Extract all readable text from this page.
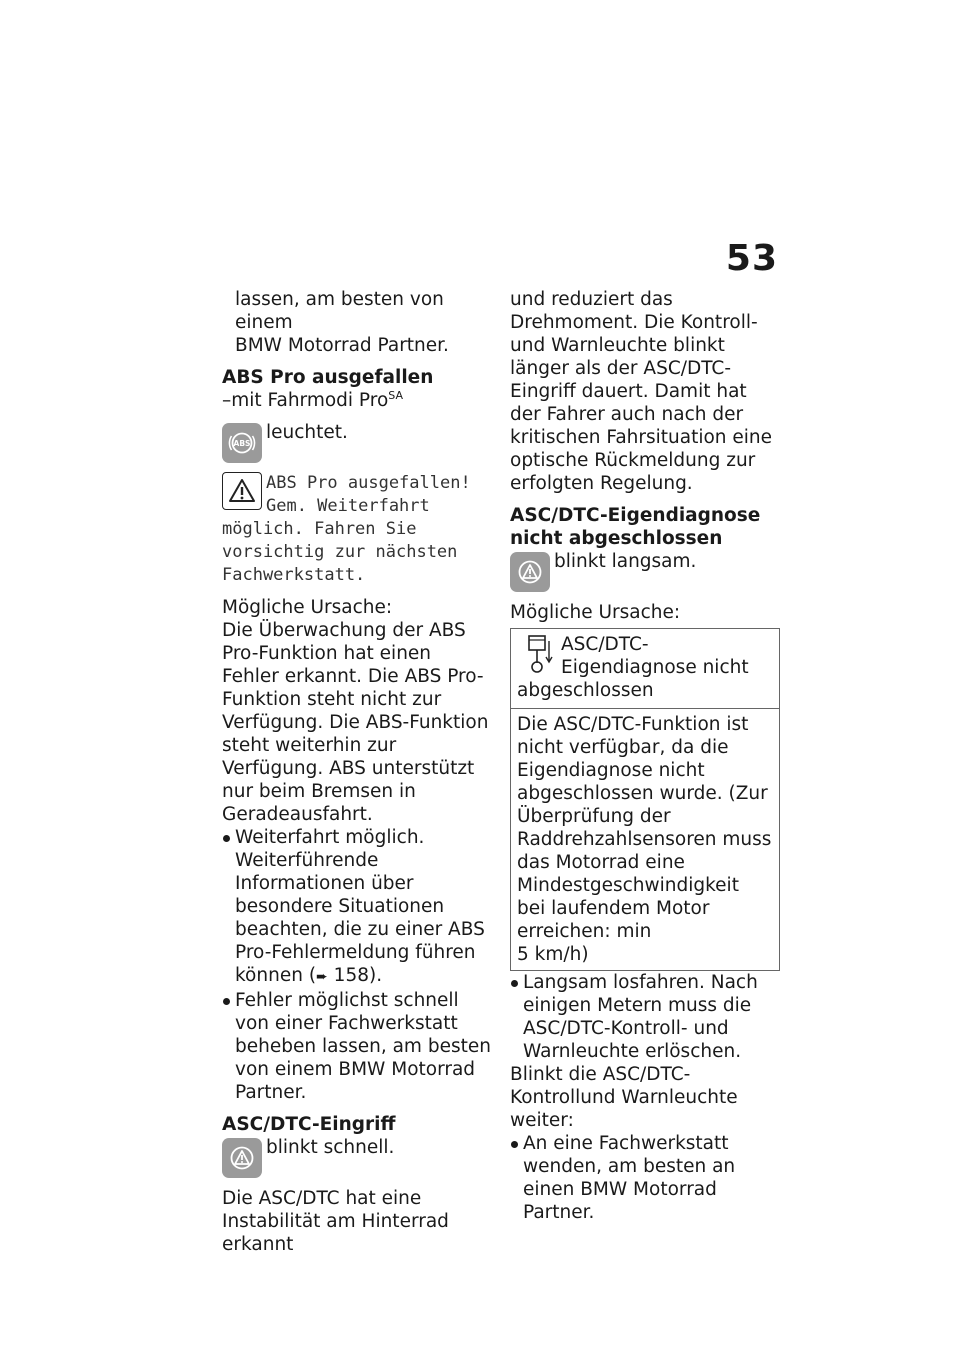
53

lassen, am besten von einem
BMW Motorrad Partner.

ABS Pro ausgefallen

–mit Fahrmodi Pro$^{SA}$

ABS
leuchtet.
ABS Pro ausgefallen!
Gem. Weiterfahrt
möglich. Fahren Sie
vorsichtig zur nächsten
Fachwerkstatt.

Mögliche Ursache:

Die Überwachung der ABS Pro-Funktion hat einen Fehler erkannt. Die ABS Pro-Funktion steht nicht zur Verfügung. Die ABS-Funktion steht weiterhin zur Verfügung. ABS unterstützt nur beim Bremsen in Geradeausfahrt.

Weiterfahrt möglich. Weiterführende Informationen über besondere Situationen beachten, die zu einer ABS Pro-Fehlermeldung führen können (➨ 158).
Fehler möglichst schnell von einer Fachwerkstatt beheben lassen, am besten von einem BMW Motorrad Partner.

ASC/DTC-Eingriff

blinkt schnell.

Die ASC/DTC hat eine Instabilität am Hinterrad erkannt

und reduziert das Drehmoment. Die Kontroll- und Warnleuchte blinkt länger als der ASC/DTC-Eingriff dauert. Damit hat der Fahrer auch nach der kritischen Fahrsituation eine optische Rückmeldung zur erfolgten Regelung.

ASC/DTC-Eigendiagnose nicht abgeschlossen

blinkt langsam.

Mögliche Ursache:

ASC/DTC-Eigendiagnose nicht abgeschlossen
Die ASC/DTC-Funktion ist nicht verfügbar, da die Eigendiagnose nicht abgeschlossen wurde. (Zur Überprüfung der Raddrehzahlsensoren muss das Motorrad eine Mindestgeschwindigkeit bei laufendem Motor erreichen: min
5 km/h)
Langsam losfahren. Nach einigen Metern muss die ASC/DTC-Kontroll- und Warnleuchte erlöschen.

Blinkt die ASC/DTC-Kontrollund Warnleuchte weiter:

An eine Fachwerkstatt wenden, am besten an einen BMW Motorrad Partner.
